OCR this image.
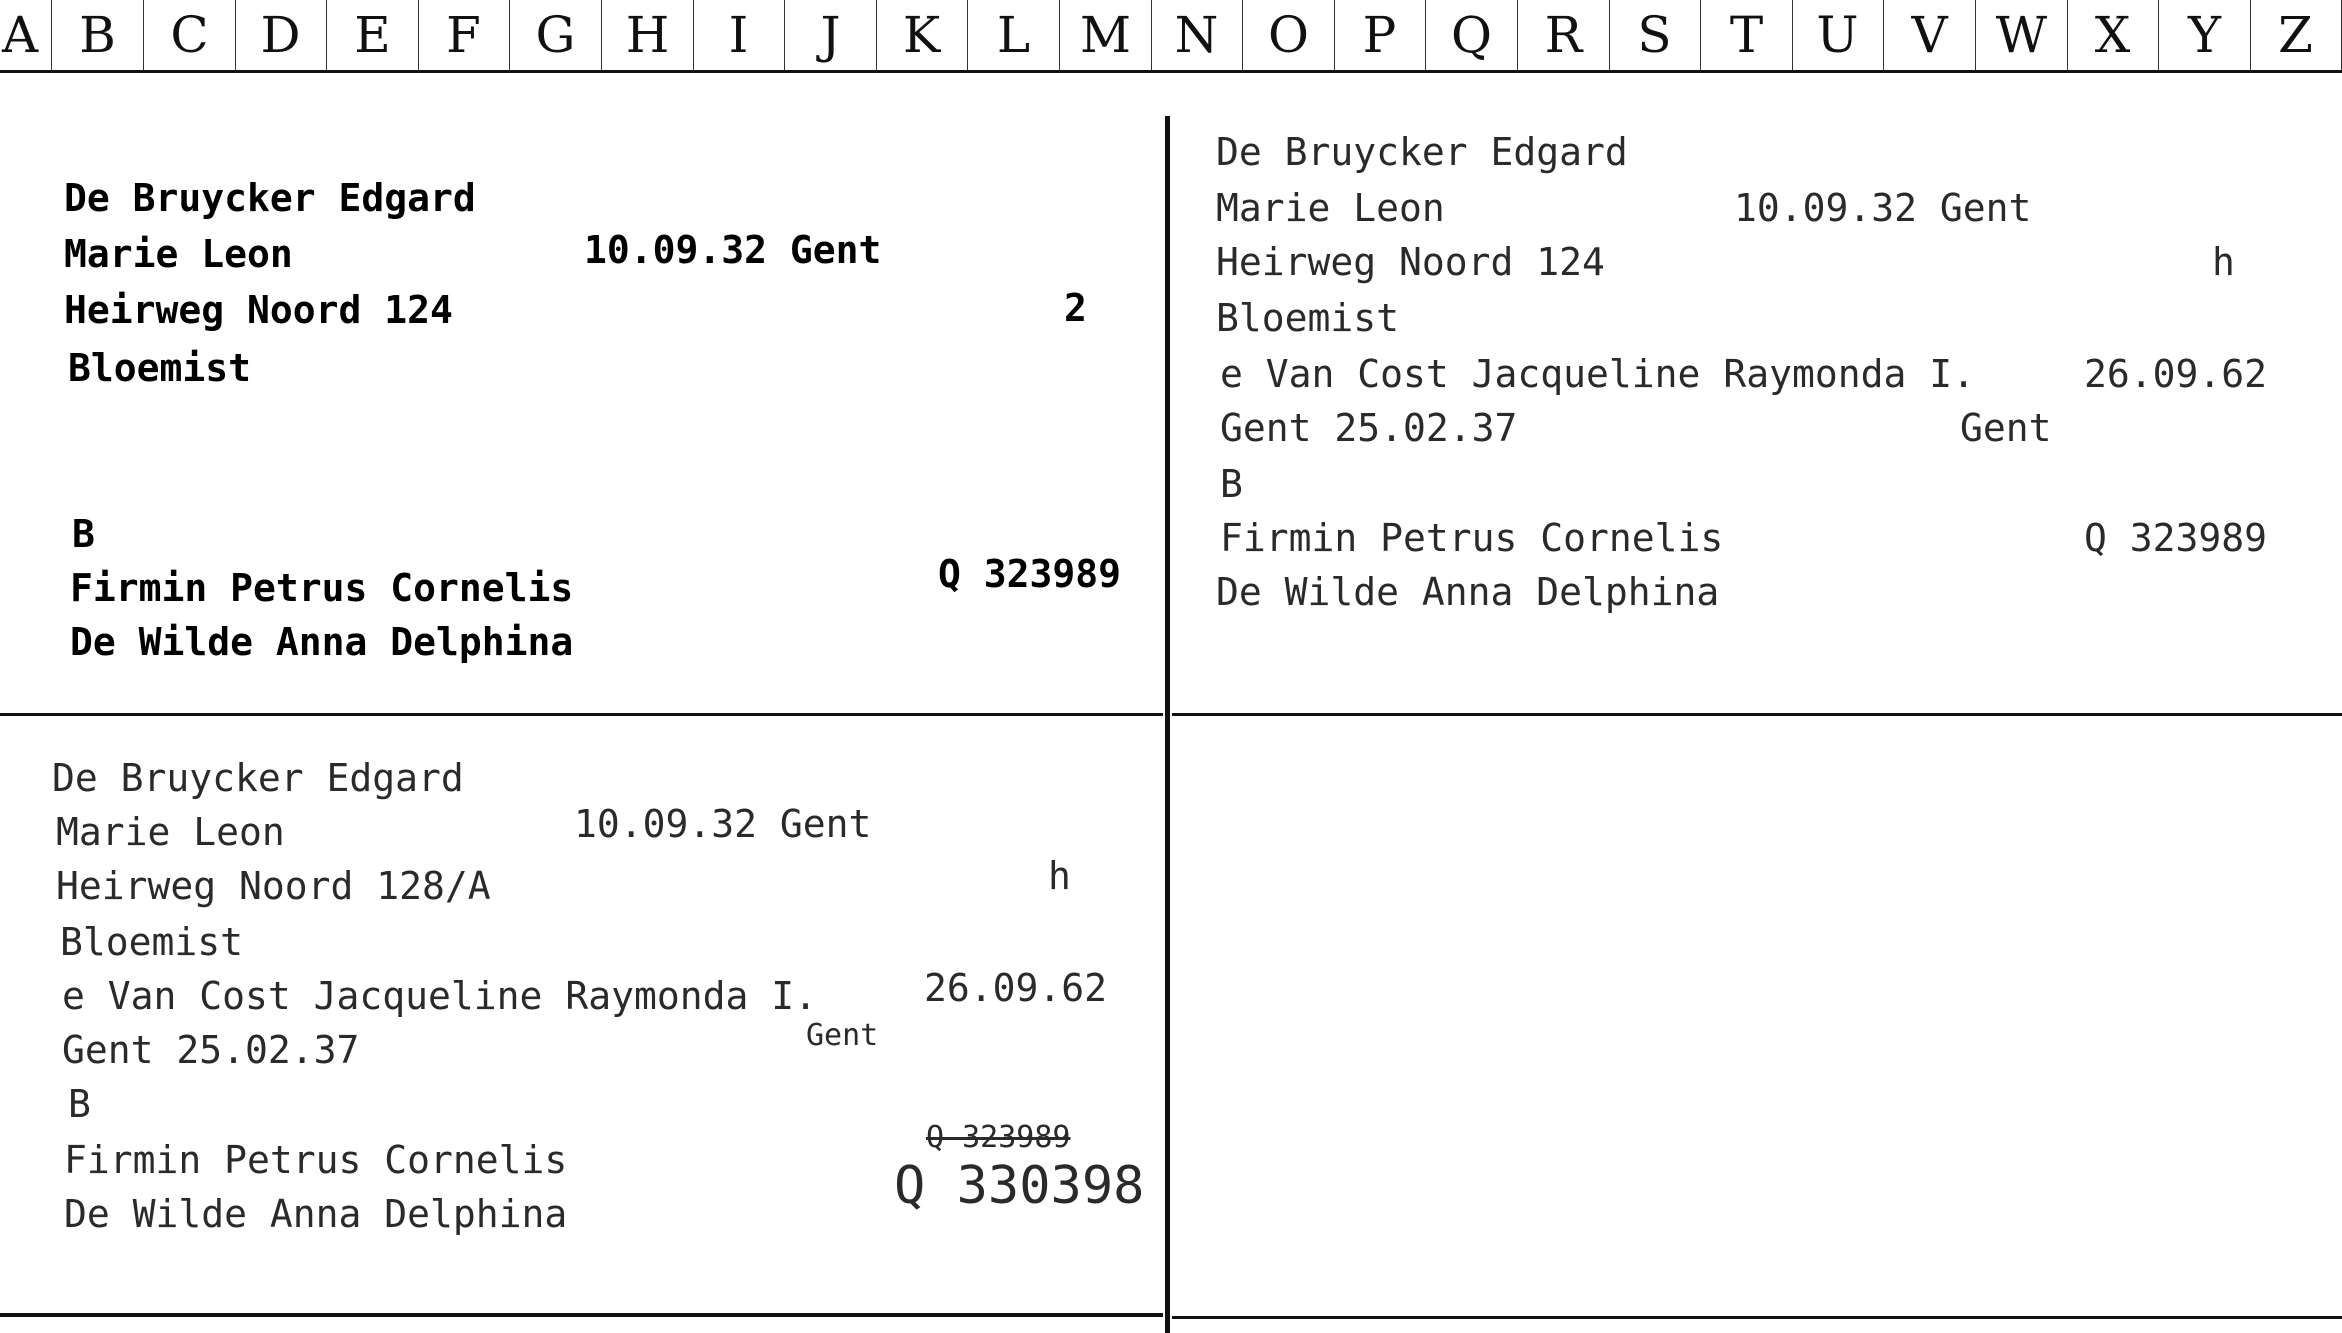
A B	C	D	E	F	G	H	I	J	K	L M N O	P	Q	R	S	T	U	V W X	Y	Z
De Bruycker Edgard
Marie Leon	10.09.32 Gent
Heirweg Noord 124	2
Bloemist
B
Firmin Petrus Cornelis	Q 323989
De Wilde Anna Delphina
De Bruycker Edgard
Marie Leon	10.09.32 Gent
Heirweg Noord 124	h
Bloemist
e Van Cost Jacqueline Raymonda I.	26.09.62
Gent 25.02.37	Gent
B
Firmin Petrus Cornelis	Q 323989
De Wilde Anna Delphina
De Bruycker Edgard
Marie Leon	10.09.32 Gent
Heirweg Noord 128/A	h
Bloemist
e Van Cost Jacqueline Raymonda I.	26.09.62
Gent 25.02.37	Gent
B
Firmin Petrus Cornelis
Q 323989
Q 330398
De Wilde Anna Delphina
